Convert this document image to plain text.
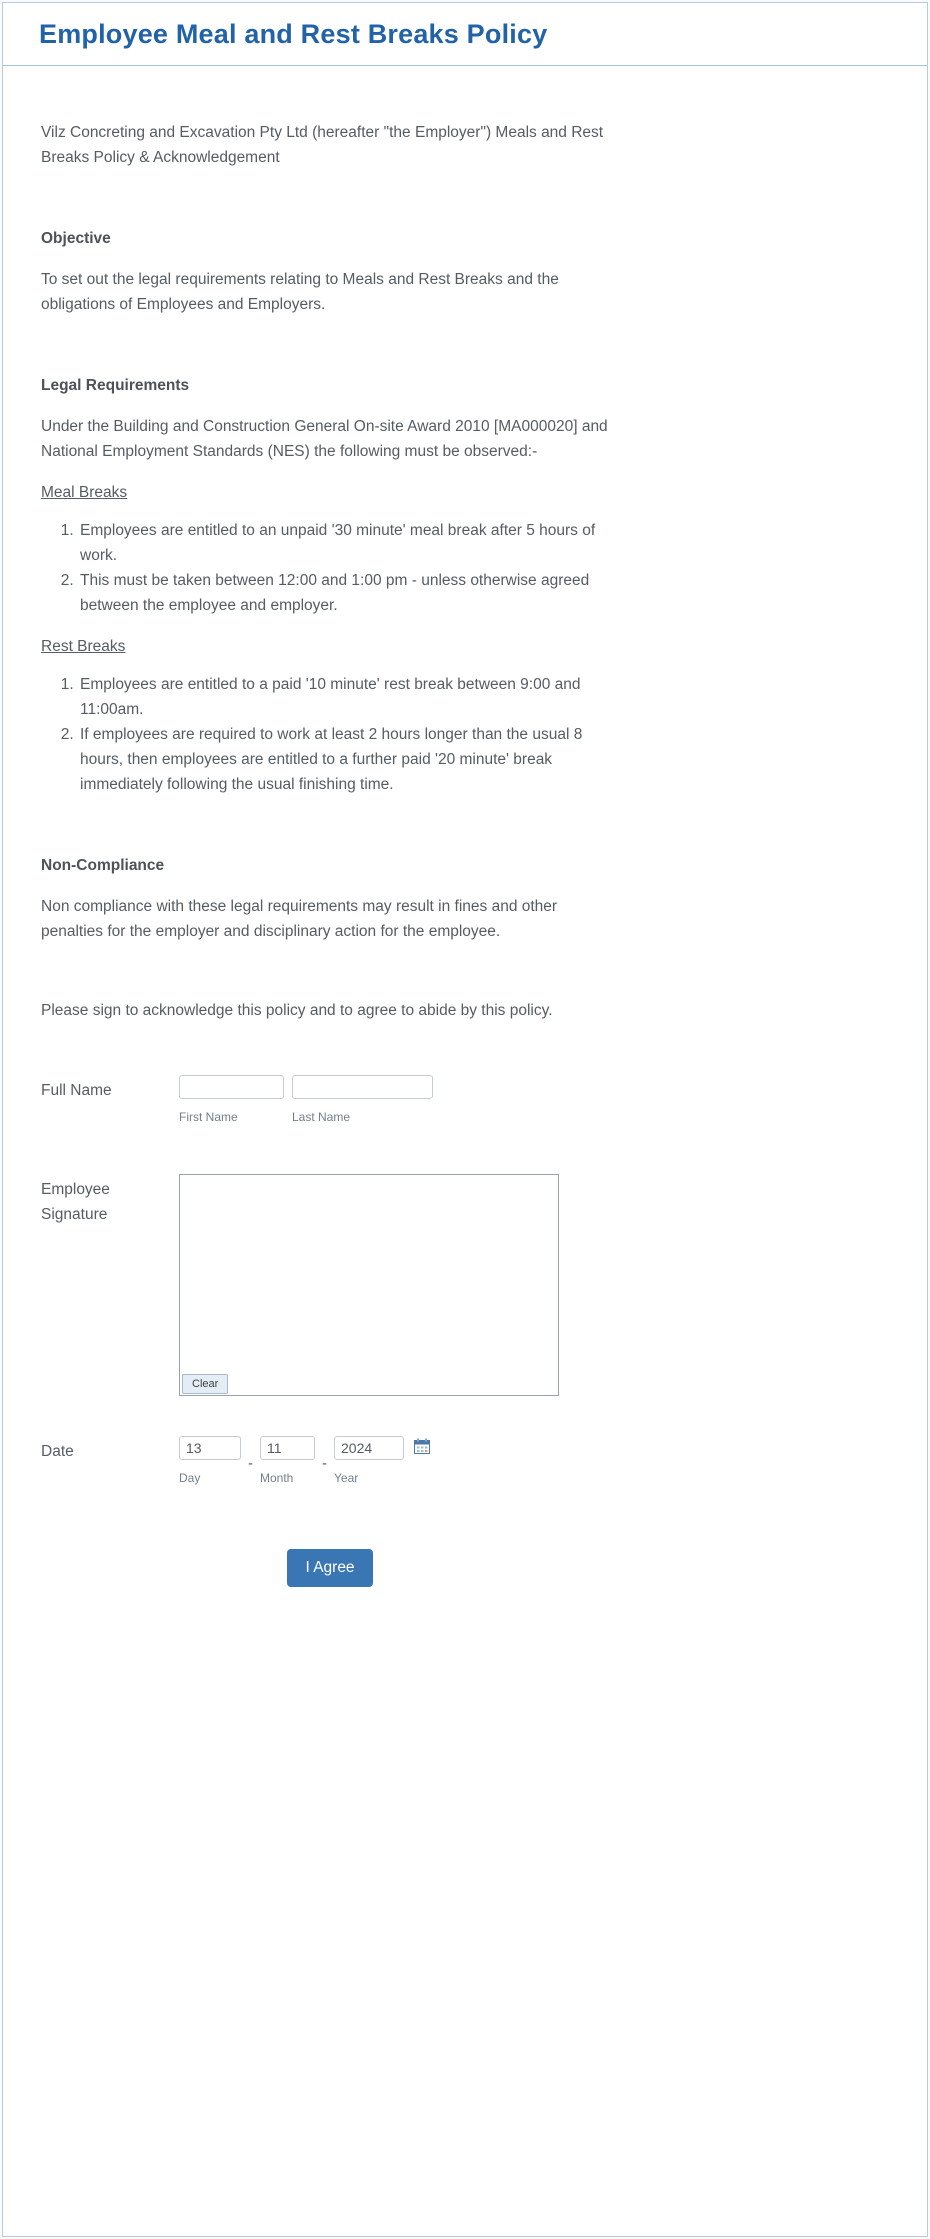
Employee Meal and Rest Breaks Policy

Vilz Concreting and Excavation Pty Ltd (hereafter "the Employer") Meals and Rest Breaks Policy & Acknowledgement

Objective

To set out the legal requirements relating to Meals and Rest Breaks and the obligations of Employees and Employers.

Legal Requirements

Under the Building and Construction General On-site Award 2010 [MA000020] and National Employment Standards (NES) the following must be observed:-

Meal Breaks
1. Employees are entitled to an unpaid '30 minute' meal break after 5 hours of work.
2. This must be taken between 12:00 and 1:00 pm - unless otherwise agreed between the employee and employer.
Rest Breaks
1. Employees are entitled to a paid '10 minute' rest break between 9:00 and 11:00am.
2. If employees are required to work at least 2 hours longer than the usual 8 hours, then employees are entitled to a further paid '20 minute' break immediately following the usual finishing time.
Non-Compliance

Non compliance with these legal requirements may result in fines and other penalties for the employer and disciplinary action for the employee.

Please sign to acknowledge this policy and to agree to abide by this policy.

Full Name
First Name	Last Name
Employee Signature
Clear
Date
13
Day
-
11
Month
-
2024
Year
I Agree
